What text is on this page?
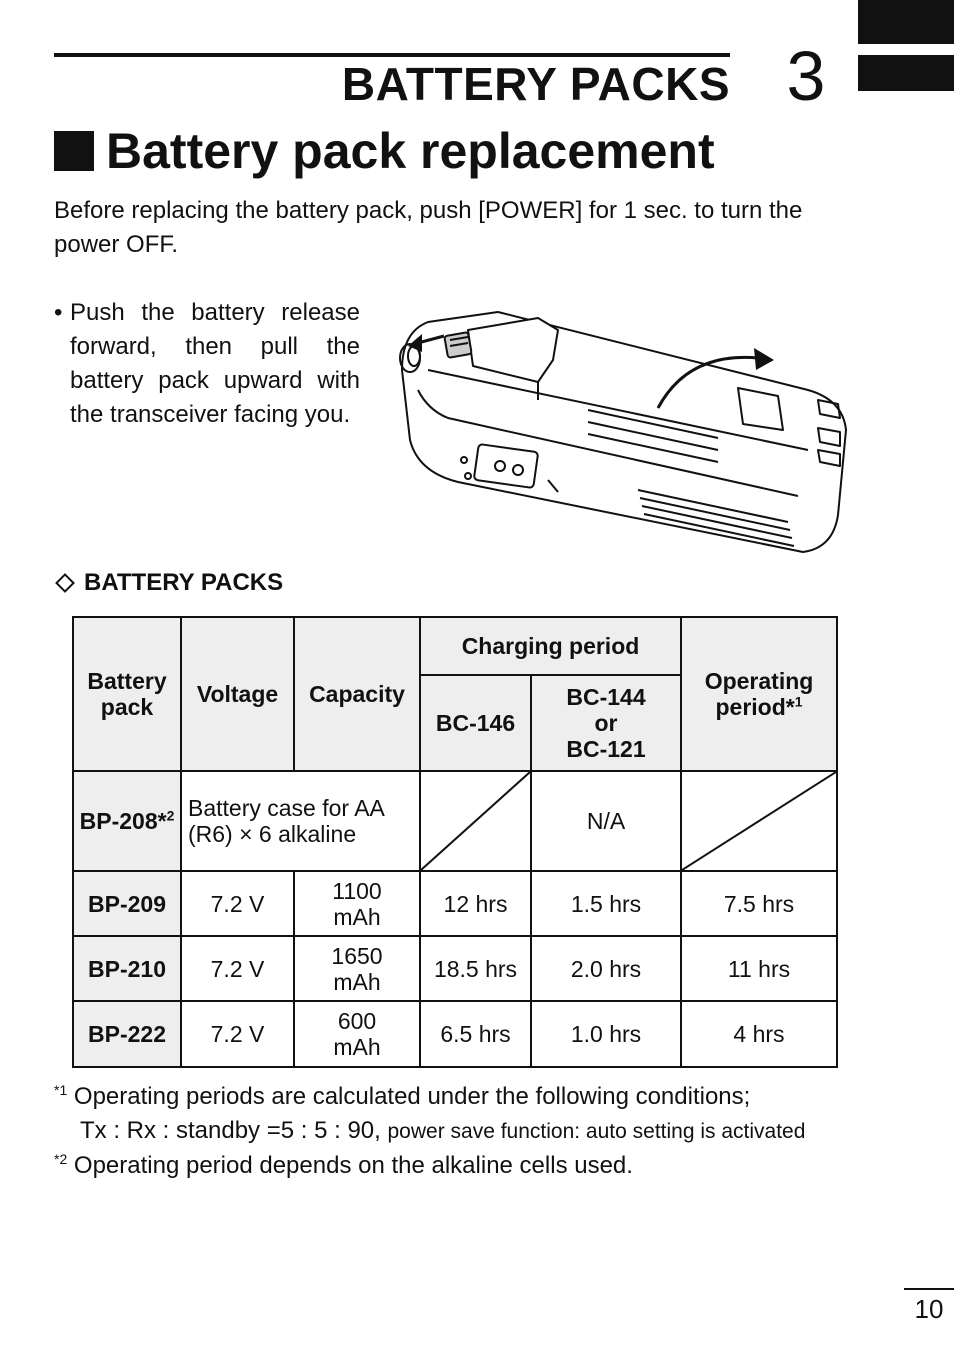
BATTERY PACKS 3
Battery pack replacement

Before replacing the battery pack, push [POWER] for 1 sec. to turn the power OFF.

• Push the battery release forward, then pull the battery pack upward with the transceiver facing you.
BATTERY PACKS
Battery pack	Voltage	Capacity	Charging period		Operating period*$^1$
			BC-146	BC-144
or
BC-121	

BP-208*$^2$	Battery case for AA
(R6) × 6 alkaline			N/A	

BP-209	7.2 V	1100
mAh	12 hrs	1.5 hrs	7.5 hrs
BP-210	7.2 V	1650
mAh	18.5 hrs	2.0 hrs	11 hrs
BP-222	7.2 V	600
mAh	6.5 hrs	1.0 hrs	4 hrs
$^{*1}$ Operating periods are calculated under the following conditions;
Tx : Rx : standby =5 : 5 : 90, power save function: auto setting is activated
$^{*2}$ Operating period depends on the alkaline cells used.
10
